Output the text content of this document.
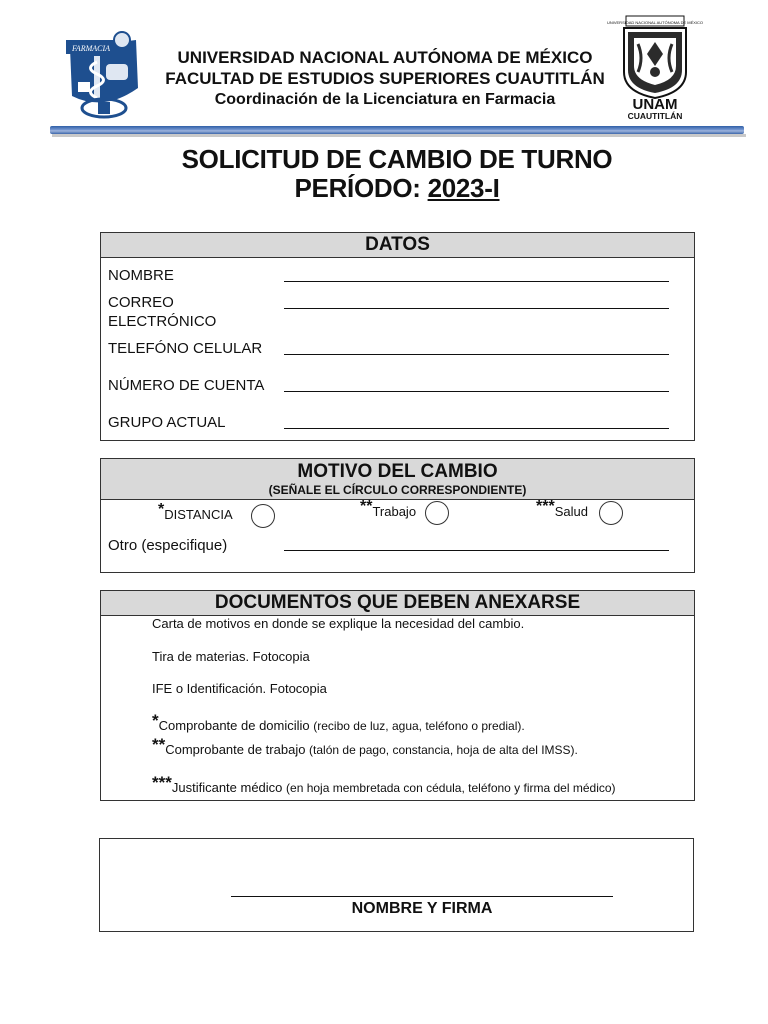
FARMACIA	UNIVERSIDAD NACIONAL AUTÓNOMA DE MÉXICO
FACULTAD DE ESTUDIOS SUPERIORES CUAUTITLÁN
Coordinación de la Licenciatura en Farmacia
UNIVERSIDAD NACIONAL AUTÓNOMA DE MÉXICO
UNAM
CUAUTITLÁN
SOLICITUD DE CAMBIO DE TURNO
PERÍODO: 2023-I
DATOS
NOMBRE
CORREO ELECTRÓNICO
TELEFÓNO CELULAR
NÚMERO DE CUENTA
GRUPO ACTUAL
MOTIVO DEL CAMBIO
(SEÑALE EL CÍRCULO CORRESPONDIENTE)
*DISTANCIA	**Trabajo	***Salud
Otro (especifique)
DOCUMENTOS QUE DEBEN ANEXARSE
Carta de motivos en donde se explique la necesidad del cambio.
Tira de materias. Fotocopia
IFE o Identificación. Fotocopia
*Comprobante de domicilio (recibo de luz, agua, teléfono o predial).
**Comprobante de trabajo (talón de pago, constancia, hoja de alta del IMSS).
***Justificante médico (en hoja membretada con cédula, teléfono y firma del médico)
NOMBRE Y FIRMA
